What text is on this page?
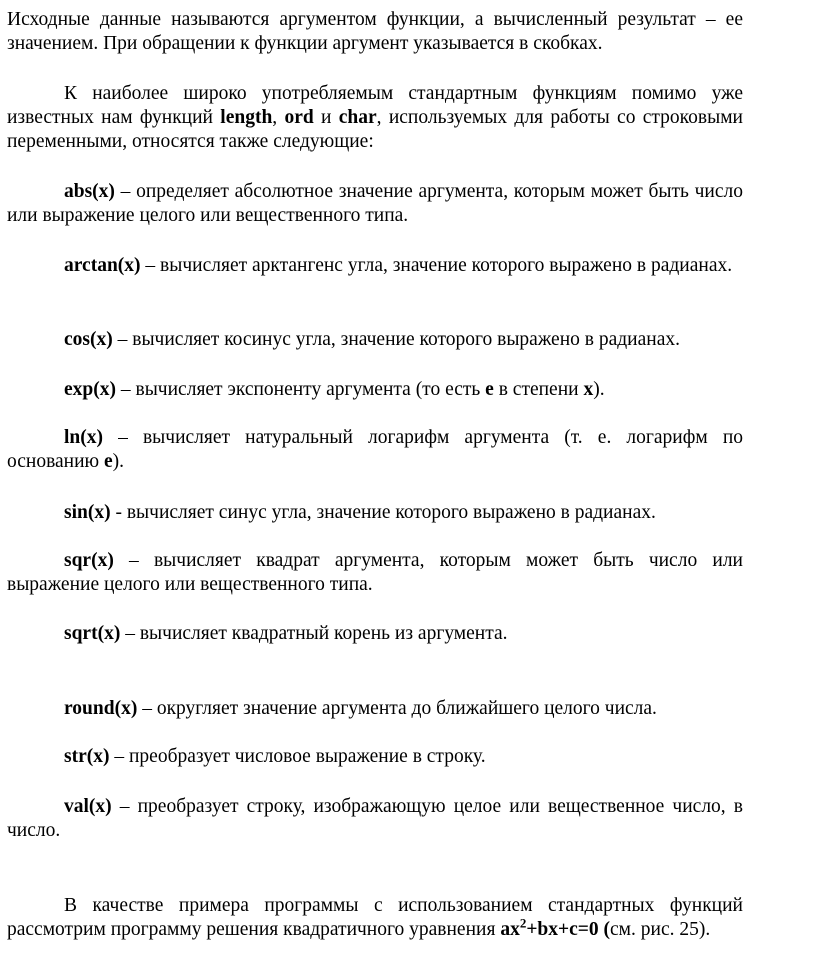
Исходные данные называются аргументом функции, а вычисленный результат – ее значением. При обращении к функции аргумент указывается в скобках.

К наиболее широко употребляемым стандартным функциям помимо уже известных нам функций length, ord и char, используемых для работы со строковыми переменными, относятся также следующие:

abs(x) – определяет абсолютное значение аргумента, которым может быть число или выражение целого или вещественного типа.

arctan(x) – вычисляет арктангенс угла, значение которого выражено в радианах.

cos(x) – вычисляет косинус угла, значение которого выражено в радианах.

exp(x) – вычисляет экспоненту аргумента (то есть e в степени x).

ln(x) – вычисляет натуральный логарифм аргумента (т. е. логарифм по основанию e).

sin(x) - вычисляет синус угла, значение которого выражено в радианах.

sqr(x) – вычисляет квадрат аргумента, которым может быть число или выражение целого или вещественного типа.

sqrt(x) – вычисляет квадратный корень из аргумента.

round(x) – округляет значение аргумента до ближайшего целого числа.

str(x) – преобразует числовое выражение в строку.

val(x) – преобразует строку, изображающую целое или вещественное число, в число.

В качестве примера программы с использованием стандартных функций рассмотрим программу решения квадратичного уравнения $ax^2+bx+c=0$ (см. рис. 25).
